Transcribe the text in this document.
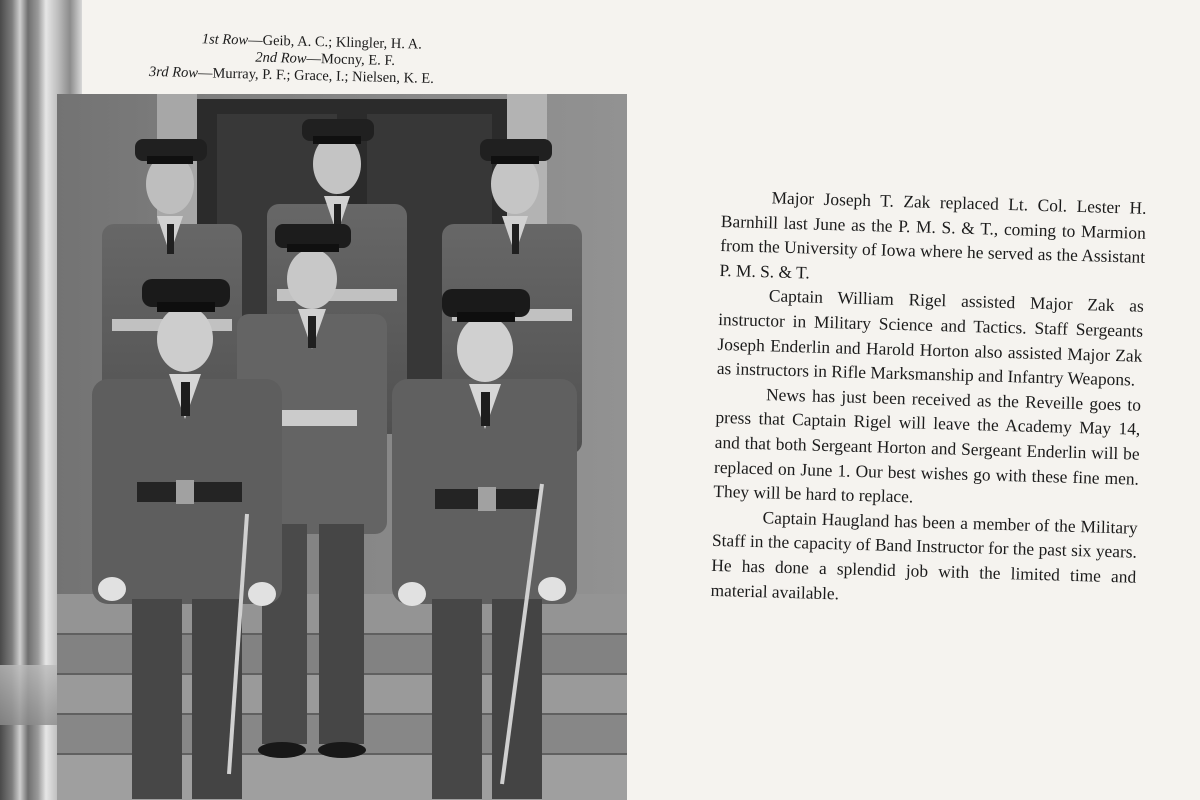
1st Row—Geib, A. C.; Klingler, H. A.
2nd Row—Mocny, E. F.
3rd Row—Murray, P. F.; Grace, I.; Nielsen, K. E.

Major Joseph T. Zak replaced Lt. Col. Lester H. Barnhill last June as the P. M. S. & T., coming to Marmion from the University of Iowa where he served as the Assistant P. M. S. & T.

Captain William Rigel assisted Major Zak as instructor in Military Science and Tactics. Staff Sergeants Joseph Enderlin and Harold Horton also assisted Major Zak as instructors in Rifle Marksmanship and Infantry Weapons.

News has just been received as the Reveille goes to press that Captain Rigel will leave the Academy May 14, and that both Sergeant Horton and Sergeant Enderlin will be replaced on June 1. Our best wishes go with these fine men. They will be hard to replace.

Captain Haugland has been a member of the Military Staff in the capacity of Band Instructor for the past six years. He has done a splendid job with the limited time and material available.
